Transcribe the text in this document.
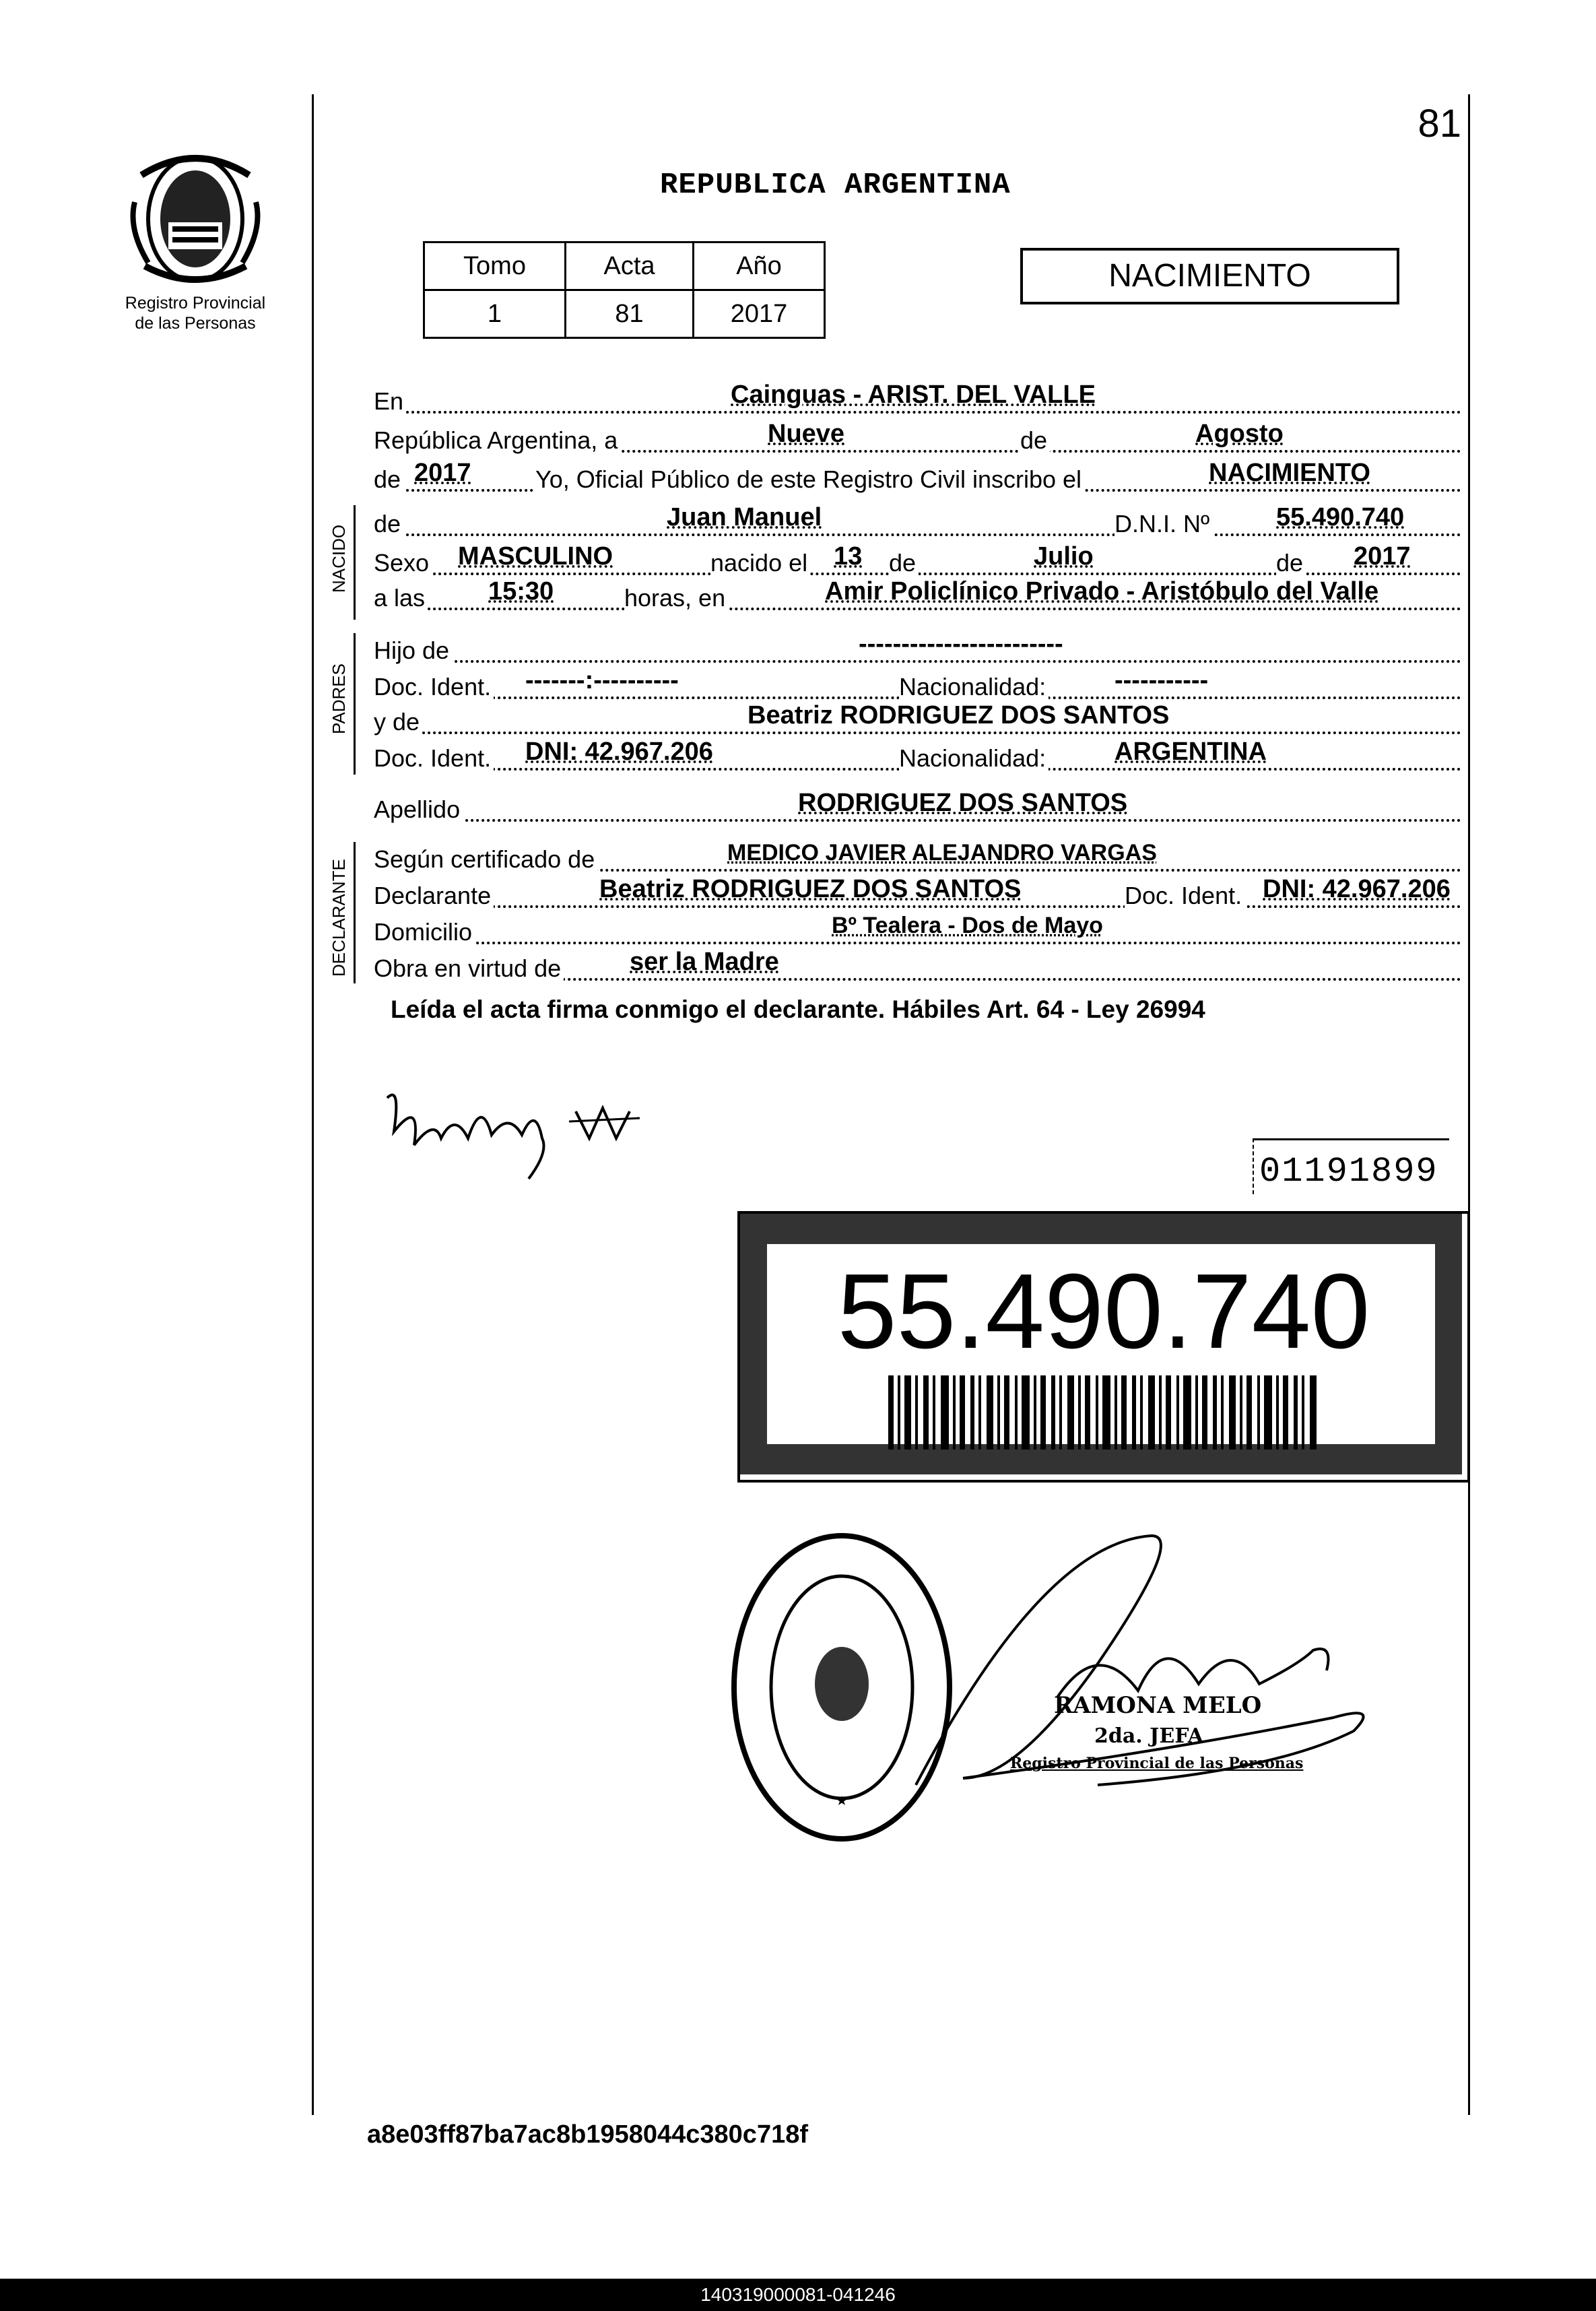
Registro Provincial
de las Personas
81
REPUBLICA ARGENTINA
Tomo	Acta	Año
1	81	2017
NACIMIENTO
En	Cainguas - ARIST. DEL VALLE
República Argentina, a	Nueve	de	Agosto
de 2017	Yo, Oficial Público de este Registro Civil inscribo el	NACIMIENTO
de	Juan Manuel	D.N.I. Nº	55.490.740
Sexo MASCULINO	nacido el 13 de	Julio	de 2017
a las 15:30	horas, en	Amir Policlínico Privado - Aristóbulo del Valle
Hijo de	------------------------
Doc. Ident. -------:----------	Nacionalidad:	-----------
y de	Beatriz RODRIGUEZ DOS SANTOS
Doc. Ident. DNI: 42.967.206	Nacionalidad:	ARGENTINA
Apellido	RODRIGUEZ DOS SANTOS
Según certificado de	MEDICO JAVIER ALEJANDRO VARGAS
Declarante	Beatriz RODRIGUEZ DOS SANTOS	Doc. Ident. DNI: 42.967.206
Domicilio	Bº Tealera - Dos de Mayo
Obra en virtud de	ser la Madre
NACIDO
PADRES
DECLARANTE
Leída el acta firma conmigo el declarante. Hábiles Art. 64 - Ley 26994
01191899
55.490.740
RAMONA MELO
2da. JEFA
Registro Provincial de las Personas
a8e03ff87ba7ac8b1958044c380c718f
140319000081-041246
